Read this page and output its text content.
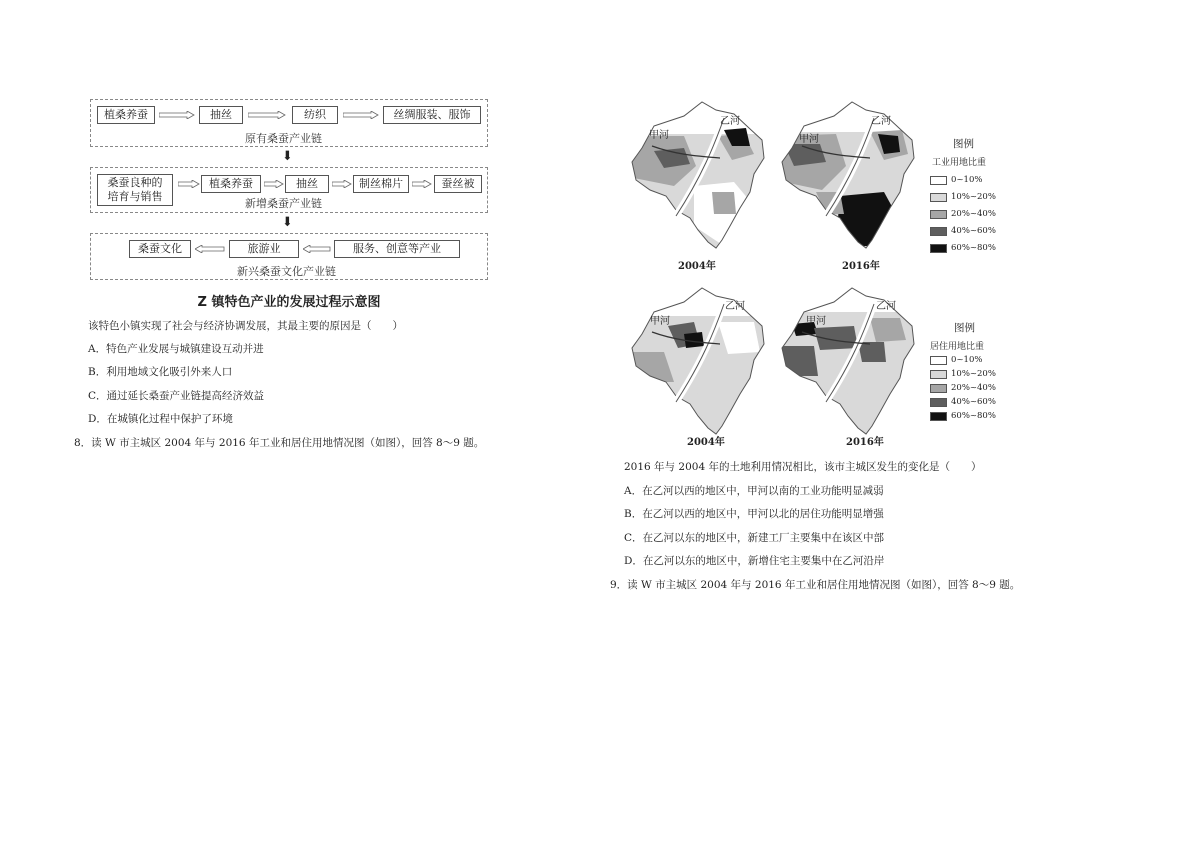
植桑养蚕	抽丝	纺织	丝绸服装、服饰
原有桑蚕产业链
⬇
桑蚕良种的培育与销售
植桑养蚕	抽丝	制丝棉片	蚕丝被
新增桑蚕产业链
⬇
桑蚕文化	旅游业	服务、创意等产业
新兴桑蚕文化产业链
Z 镇特色产业的发展过程示意图
该特色小镇实现了社会与经济协调发展，其最主要的原因是（　　）
A．特色产业发展与城镇建设互动并进
B．利用地域文化吸引外来人口
C．通过延长桑蚕产业链提高经济效益
D．在城镇化过程中保护了环境
8．读 W 市主城区 2004 年与 2016 年工业和居住用地情况图（如图），回答 8～9 题。
甲河
乙河
2004年
甲河
乙河
2016年
图例
工业用地比重
0~10%
10%~20%
20%~40%
40%~60%
60%~80%
甲河
乙河
2004年
甲河
乙河
2016年
图例
居住用地比重
0~10%
10%~20%
20%~40%
40%~60%
60%~80%
2016 年与 2004 年的土地利用情况相比，该市主城区发生的变化是（　　）
A．在乙河以西的地区中，甲河以南的工业功能明显减弱
B．在乙河以西的地区中，甲河以北的居住功能明显增强
C．在乙河以东的地区中，新建工厂主要集中在该区中部
D．在乙河以东的地区中，新增住宅主要集中在乙河沿岸
9．读 W 市主城区 2004 年与 2016 年工业和居住用地情况图（如图），回答 8～9 题。
